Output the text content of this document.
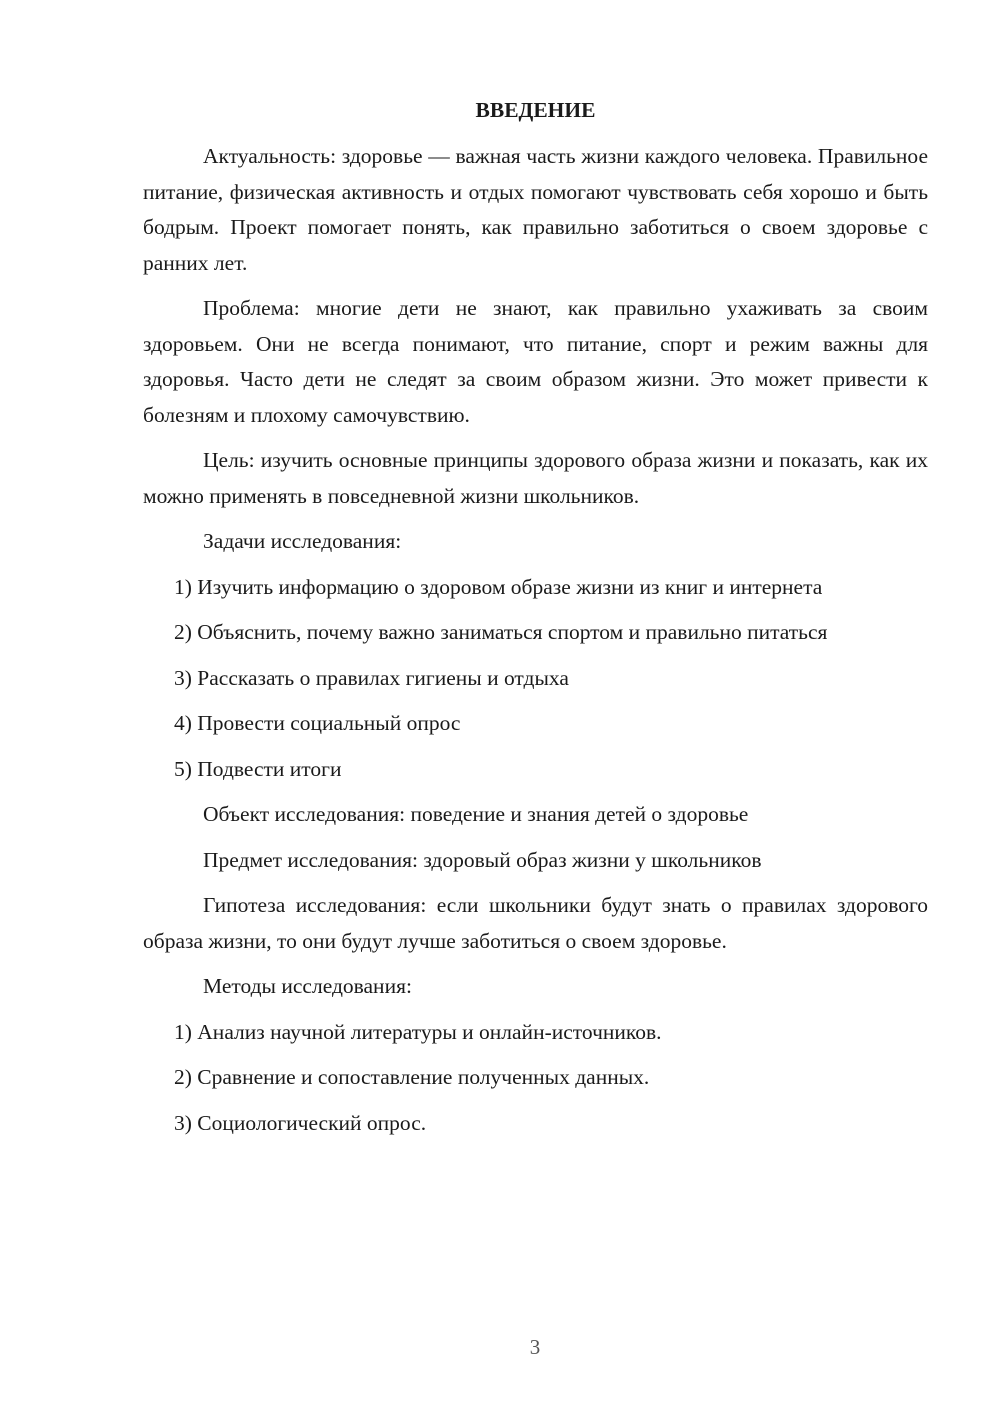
ВВЕДЕНИЕ

Актуальность: здоровье — важная часть жизни каждого человека. Правильное питание, физическая активность и отдых помогают чувствовать себя хорошо и быть бодрым. Проект помогает понять, как правильно заботиться о своем здоровье с ранних лет.

Проблема: многие дети не знают, как правильно ухаживать за своим здоровьем. Они не всегда понимают, что питание, спорт и режим важны для здоровья. Часто дети не следят за своим образом жизни. Это может привести к болезням и плохому самочувствию.

Цель: изучить основные принципы здорового образа жизни и показать, как их можно применять в повседневной жизни школьников.

Задачи исследования:

1) Изучить информацию о здоровом образе жизни из книг и интернета

2) Объяснить, почему важно заниматься спортом и правильно питаться

3) Рассказать о правилах гигиены и отдыха

4) Провести социальный опрос

5) Подвести итоги

Объект исследования: поведение и знания детей о здоровье

Предмет исследования: здоровый образ жизни у школьников

Гипотеза исследования: если школьники будут знать о правилах здорового образа жизни, то они будут лучше заботиться о своем здоровье.

Методы исследования:

1) Анализ научной литературы и онлайн-источников.

2) Сравнение и сопоставление полученных данных.

3) Социологический опрос.

3
